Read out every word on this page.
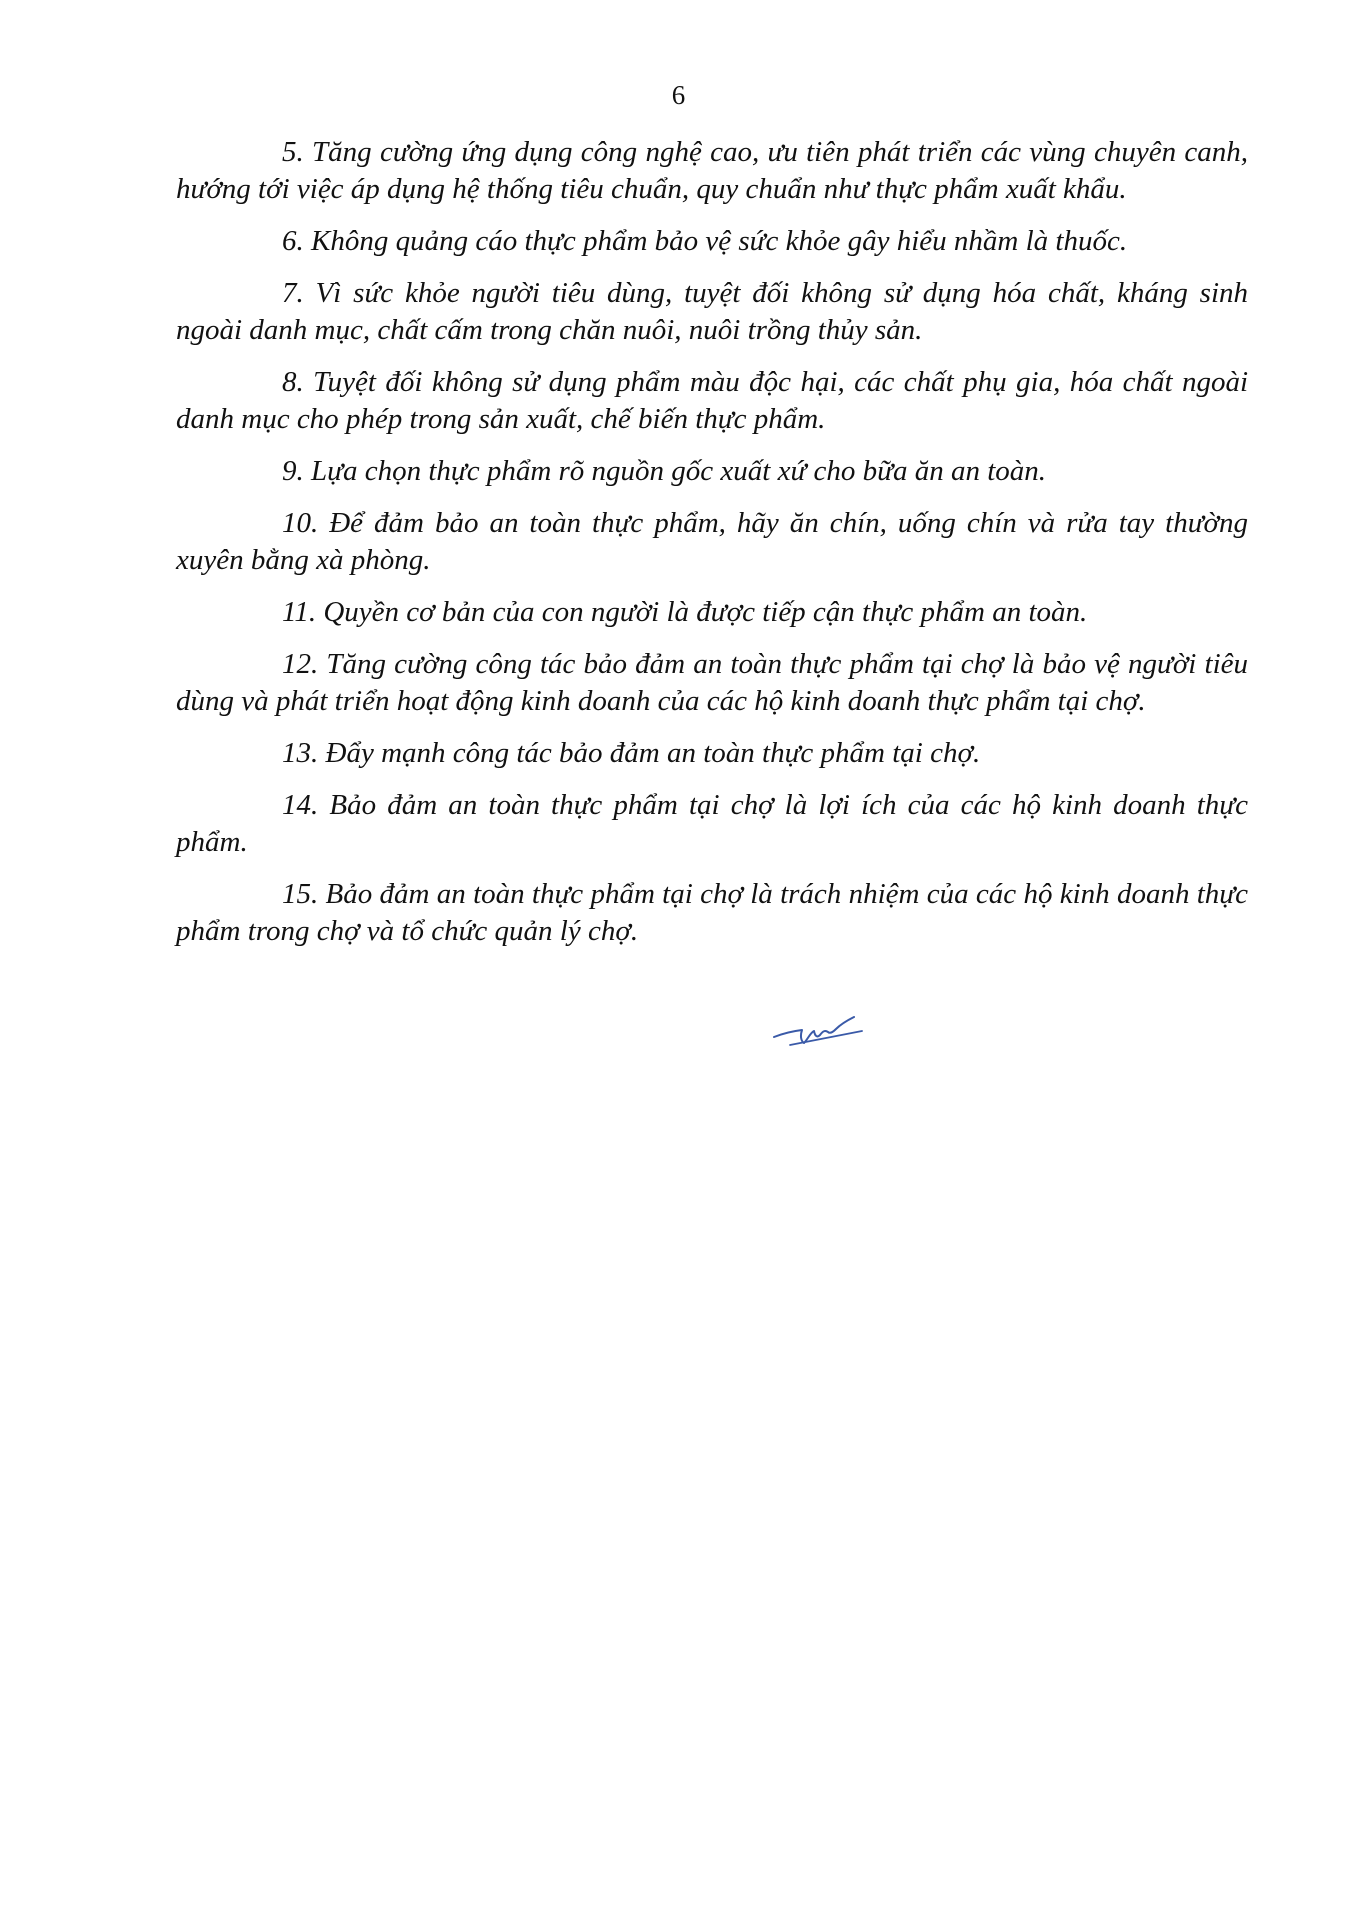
6

5. Tăng cường ứng dụng công nghệ cao, ưu tiên phát triển các vùng chuyên canh, hướng tới việc áp dụng hệ thống tiêu chuẩn, quy chuẩn như thực phẩm xuất khẩu.

6. Không quảng cáo thực phẩm bảo vệ sức khỏe gây hiểu nhầm là thuốc.

7. Vì sức khỏe người tiêu dùng, tuyệt đối không sử dụng hóa chất, kháng sinh ngoài danh mục, chất cấm trong chăn nuôi, nuôi trồng thủy sản.

8. Tuyệt đối không sử dụng phẩm màu độc hại, các chất phụ gia, hóa chất ngoài danh mục cho phép trong sản xuất, chế biến thực phẩm.

9. Lựa chọn thực phẩm rõ nguồn gốc xuất xứ cho bữa ăn an toàn.

10. Để đảm bảo an toàn thực phẩm, hãy ăn chín, uống chín và rửa tay thường xuyên bằng xà phòng.

11. Quyền cơ bản của con người là được tiếp cận thực phẩm an toàn.

12. Tăng cường công tác bảo đảm an toàn thực phẩm tại chợ là bảo vệ người tiêu dùng và phát triển hoạt động kinh doanh của các hộ kinh doanh thực phẩm tại chợ.

13. Đẩy mạnh công tác bảo đảm an toàn thực phẩm tại chợ.

14. Bảo đảm an toàn thực phẩm tại chợ là lợi ích của các hộ kinh doanh thực phẩm.

15. Bảo đảm an toàn thực phẩm tại chợ là trách nhiệm của các hộ kinh doanh thực phẩm trong chợ và tổ chức quản lý chợ.
